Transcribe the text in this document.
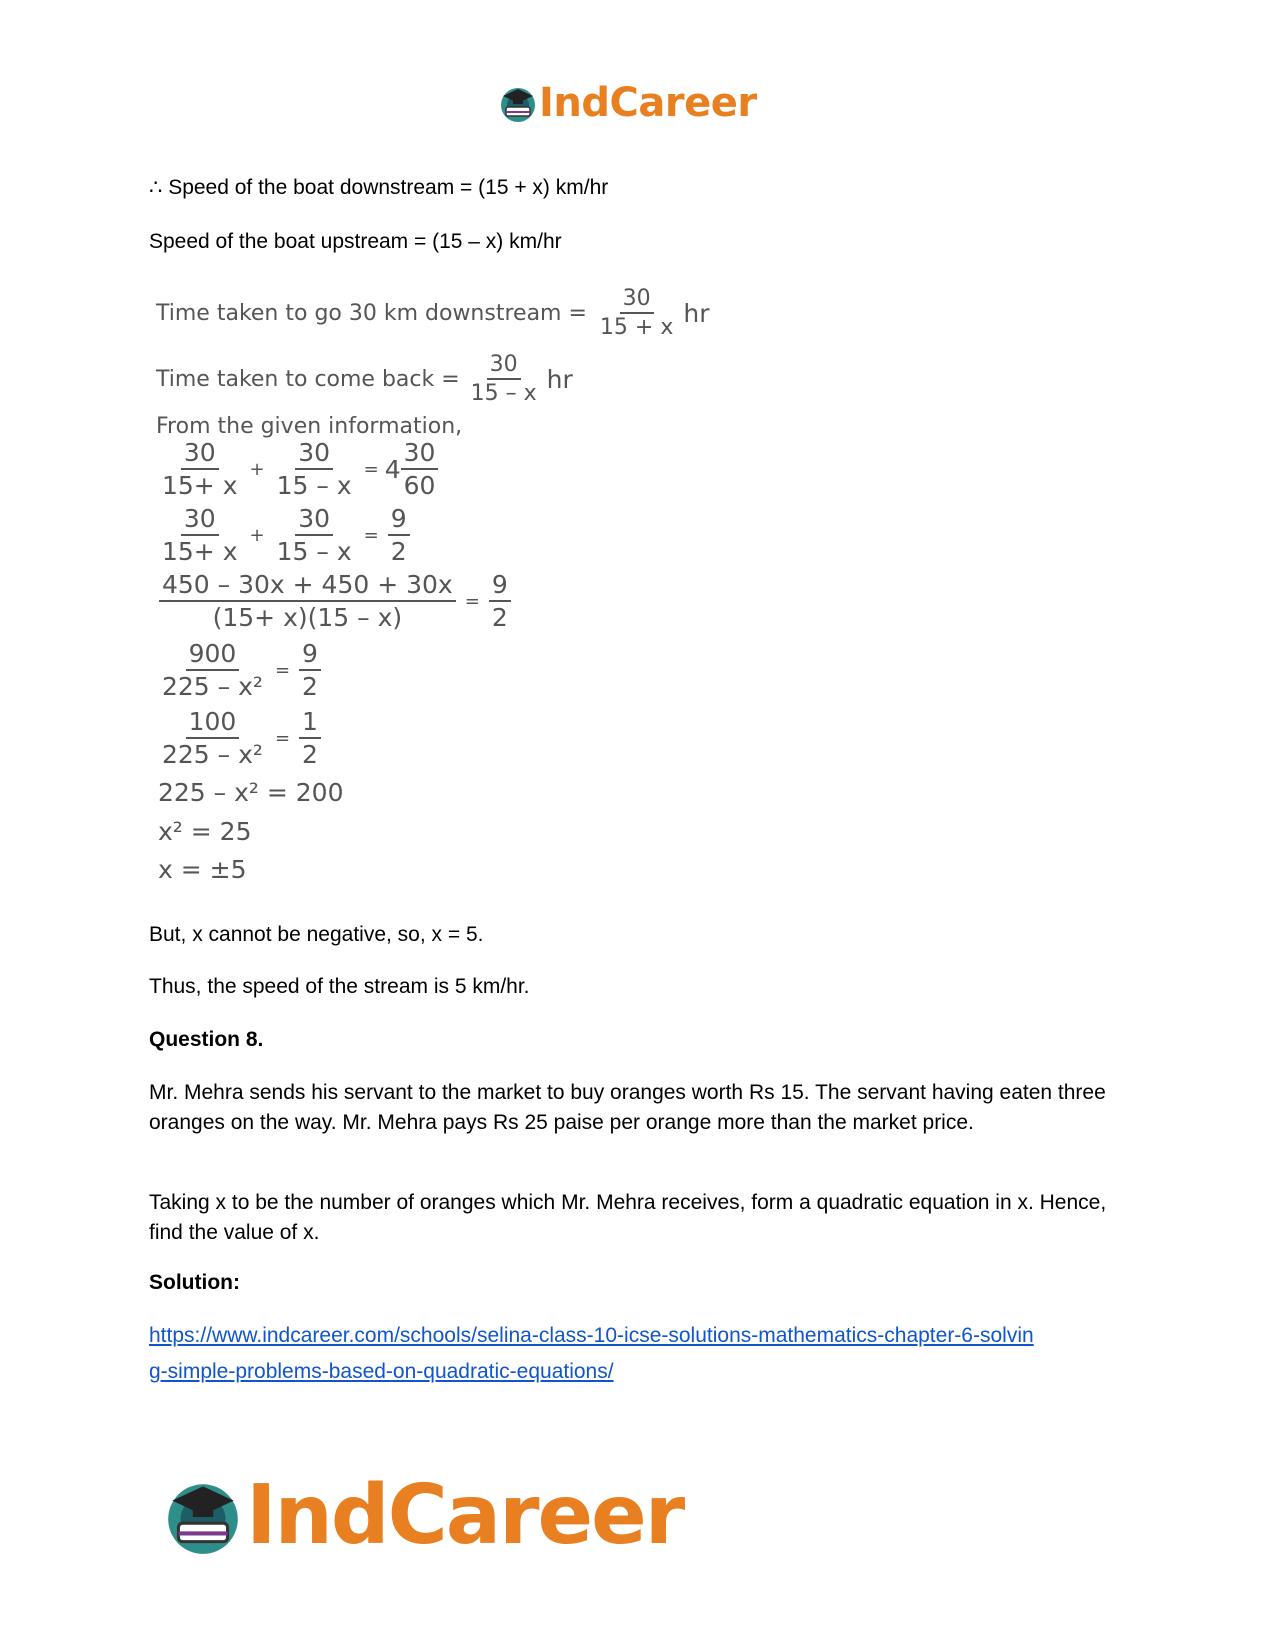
IndCareer
∴ Speed of the boat downstream = (15 + x) km/hr
Speed of the boat upstream = (15 – x) km/hr
Time taken to go 30 km downstream = $\frac{30}{15 + x}$ hr
Time taken to come back = $\frac{30}{15 - x}$ hr
From the given information,
$\frac{30}{15+ x} + \frac{30}{15 - x} = 4 \frac{30}{60}$
$\frac{30}{15+ x} + \frac{30}{15 - x} = \frac{9}{2}$
$\frac{450 - 30x + 450 + 30x}{(15+ x)(15 - x)} = \frac{9}{2}$
$\frac{900}{\text{225 – x²}} = \frac{9}{2}$
$\frac{100}{\text{225 – x²}} = \frac{1}{2}$
225 – x² = 200
x² = 25
x = ±5
But, x cannot be negative, so, x = 5.
Thus, the speed of the stream is 5 km/hr.
Question 8.
Mr. Mehra sends his servant to the market to buy oranges worth Rs 15. The servant having eaten three oranges on the way. Mr. Mehra pays Rs 25 paise per orange more than the market price.
Taking x to be the number of oranges which Mr. Mehra receives, form a quadratic equation in x. Hence, find the value of x.
Solution:
https://www.indcareer.com/schools/selina-class-10-icse-solutions-mathematics-chapter-6-solvin
g-simple-problems-based-on-quadratic-equations/
IndCareer
